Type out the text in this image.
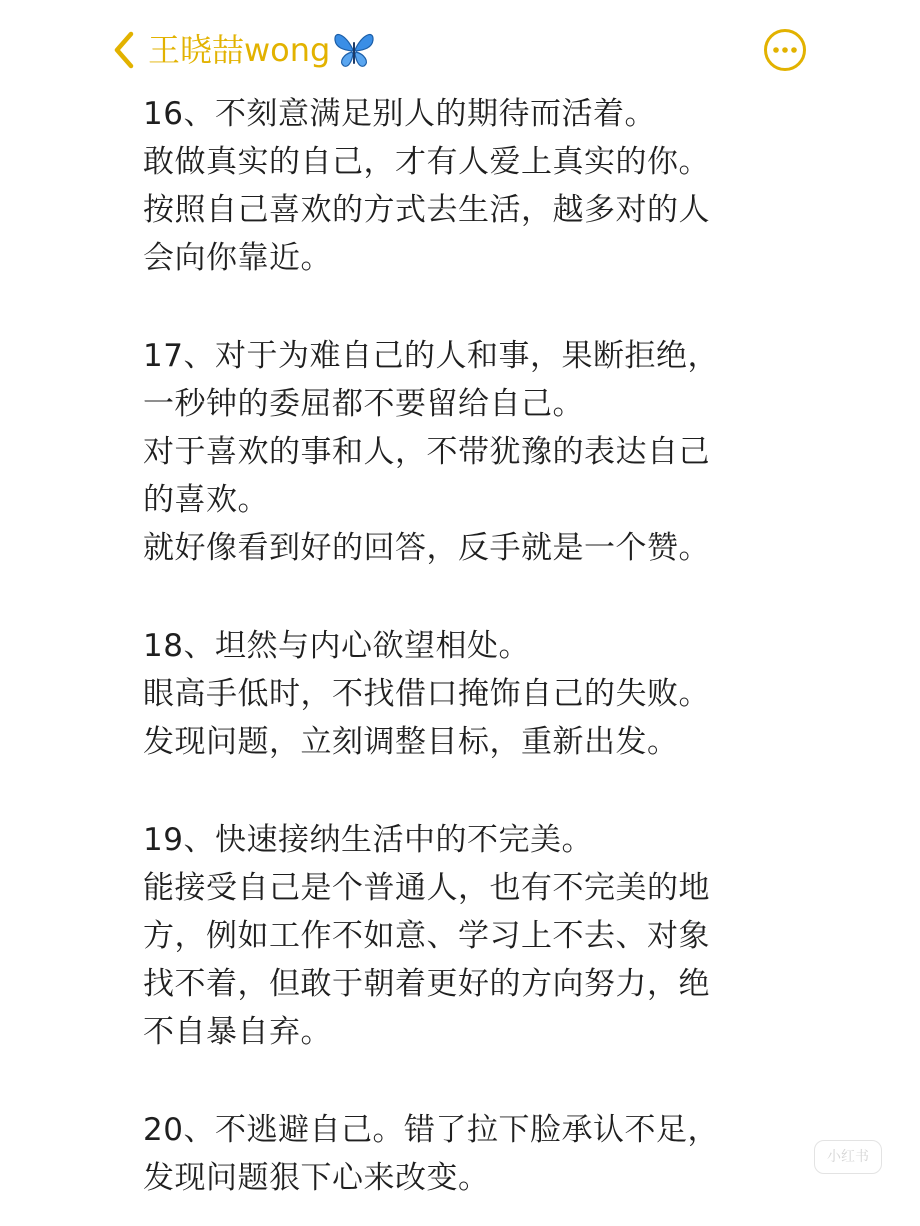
王晓喆wong
16、不刻意满足别人的期待而活着。
敢做真实的自己，才有人爱上真实的你。
按照自己喜欢的方式去生活，越多对的人
会向你靠近。
17、对于为难自己的人和事，果断拒绝，
一秒钟的委屈都不要留给自己。
对于喜欢的事和人，不带犹豫的表达自己
的喜欢。
就好像看到好的回答，反手就是一个赞。
18、坦然与内心欲望相处。
眼高手低时，不找借口掩饰自己的失败。
发现问题，立刻调整目标，重新出发。
19、快速接纳生活中的不完美。
能接受自己是个普通人，也有不完美的地
方，例如工作不如意、学习上不去、对象
找不着，但敢于朝着更好的方向努力，绝
不自暴自弃。
20、不逃避自己。错了拉下脸承认不足，
发现问题狠下心来改变。
小红书
